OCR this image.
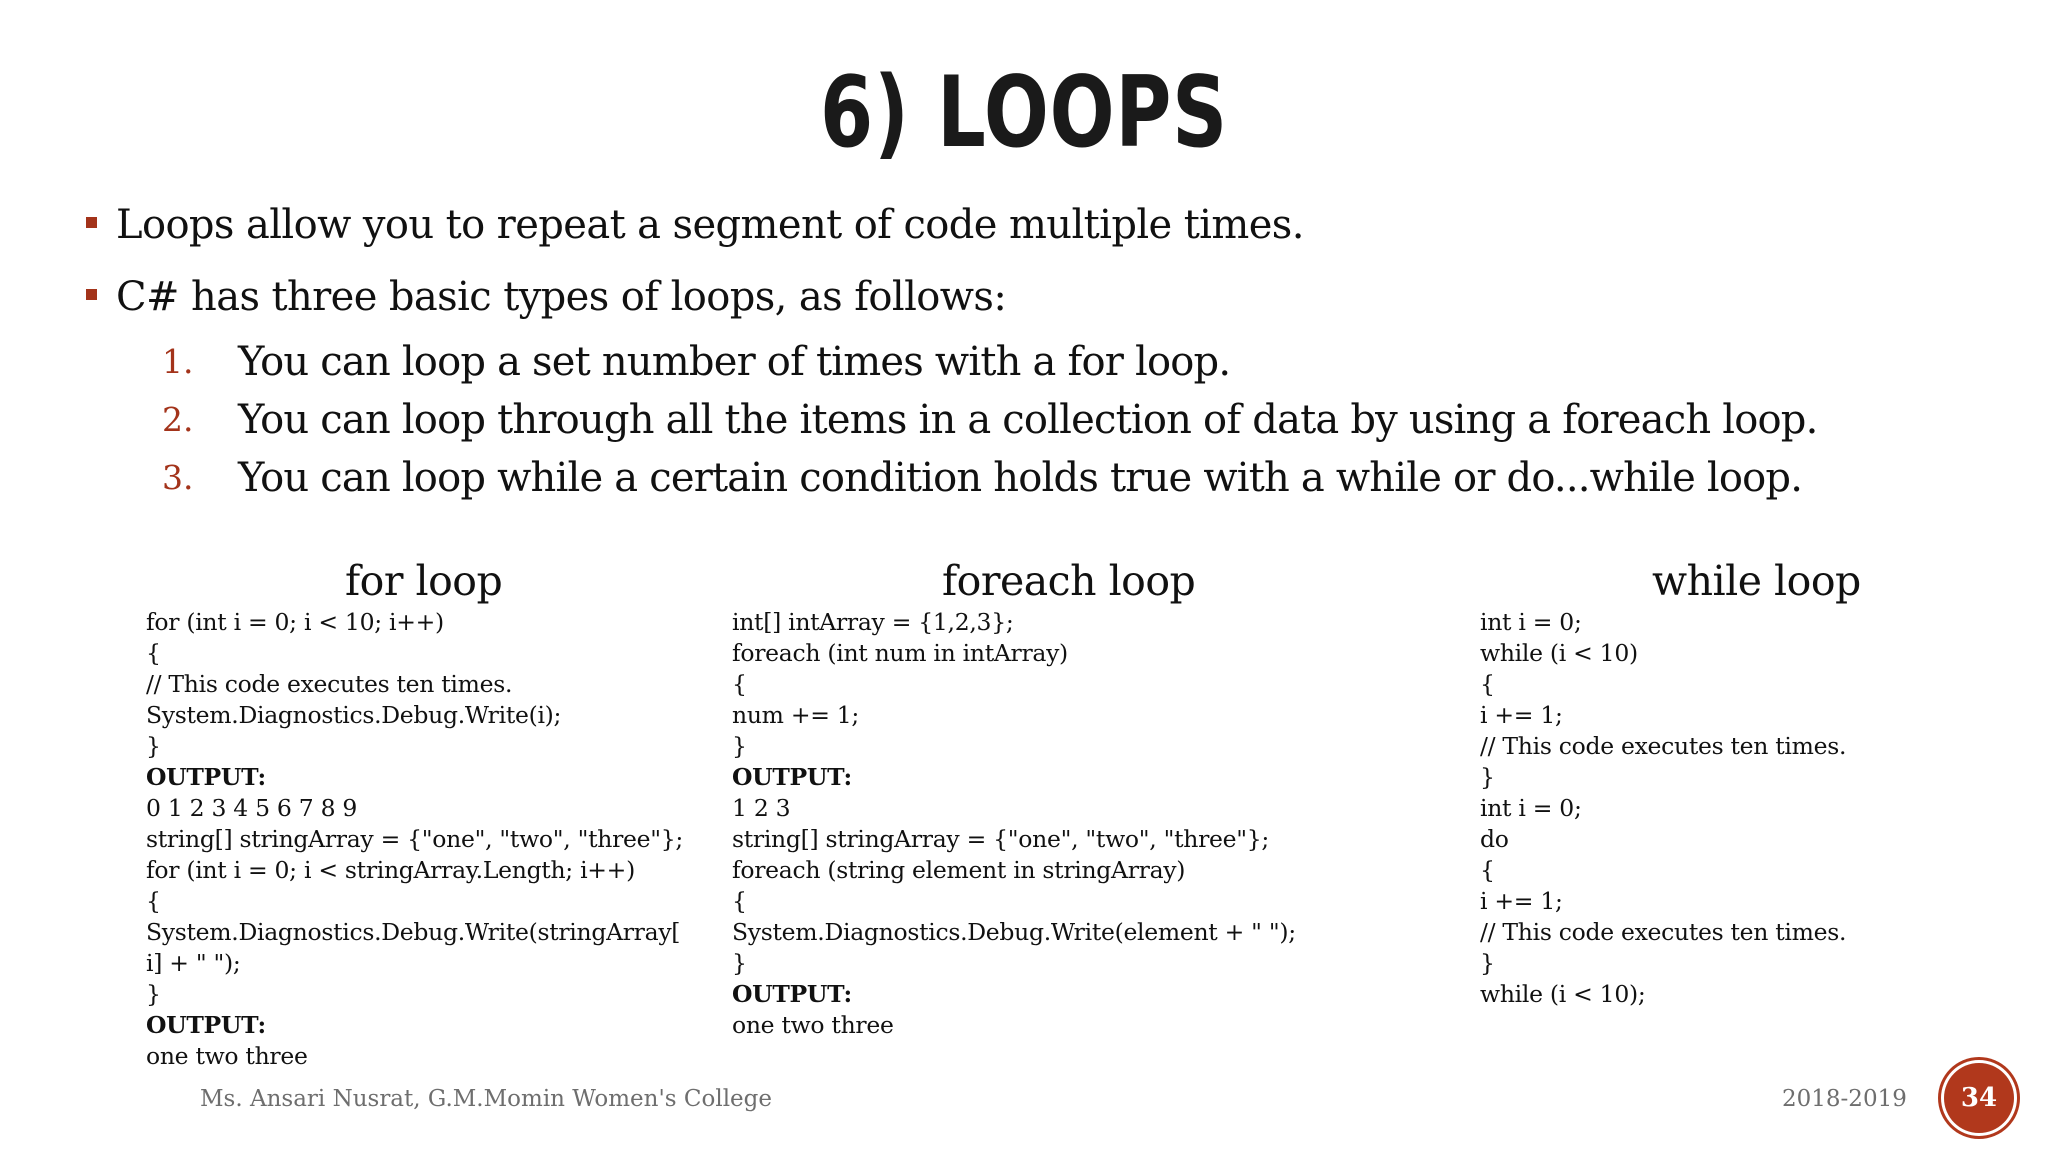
6) LOOPS
Loops allow you to repeat a segment of code multiple times.
C# has three basic types of loops, as follows:
1. You can loop a set number of times with a for loop.
2. You can loop through all the items in a collection of data by using a foreach loop.
3. You can loop while a certain condition holds true with a while or do...while loop.
for loop
for (int i = 0; i < 10; i++)
{
// This code executes ten times.
System.Diagnostics.Debug.Write(i);
}
OUTPUT:
0 1 2 3 4 5 6 7 8 9
string[] stringArray = {"one", "two", "three"};
for (int i = 0; i < stringArray.Length; i++)
{
System.Diagnostics.Debug.Write(stringArray[
i] + " ");
}
OUTPUT:
one two three
foreach loop
int[] intArray = {1,2,3};
foreach (int num in intArray)
{
num += 1;
}
OUTPUT:
1 2 3
string[] stringArray = {"one", "two", "three"};
foreach (string element in stringArray)
{
System.Diagnostics.Debug.Write(element + " ");
}
OUTPUT:
one two three
while loop
int i = 0;
while (i < 10)
{
i += 1;
// This code executes ten times.
}
int i = 0;
do
{
i += 1;
// This code executes ten times.
}
while (i < 10);
Ms. Ansari Nusrat, G.M.Momin Women's College	2018-2019 34
